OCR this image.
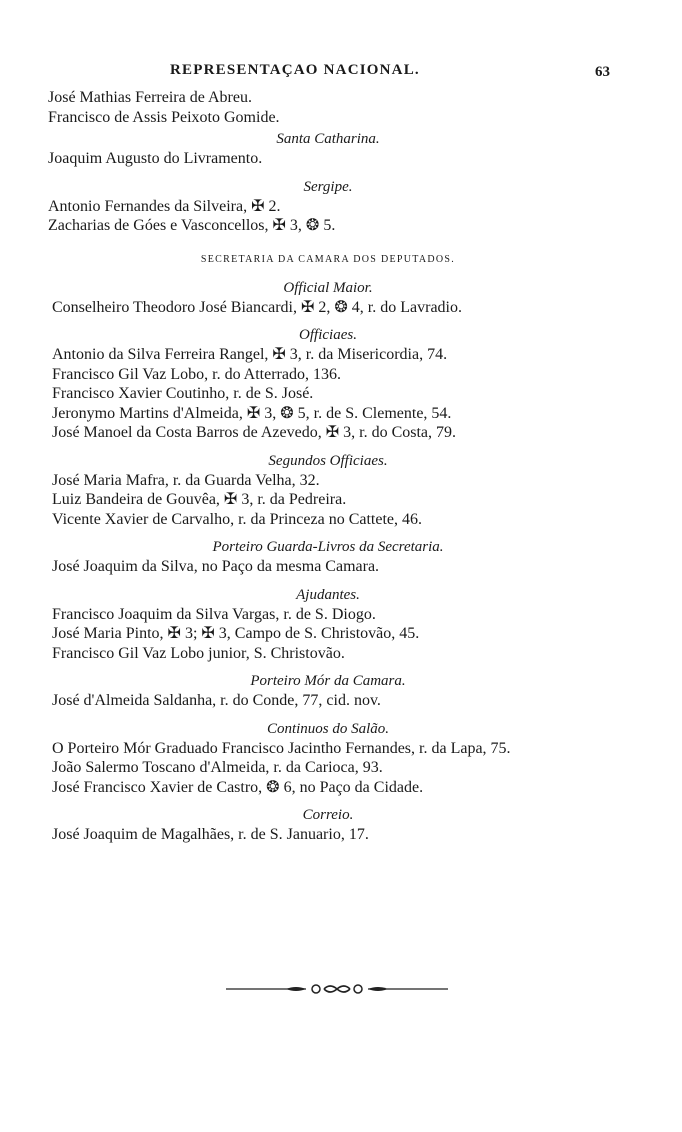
REPRESENTAÇAO NACIONAL.	63
José Mathias Ferreira de Abreu.
Francisco de Assis Peixoto Gomide.
Santa Catharina.
Joaquim Augusto do Livramento.
Sergipe.
Antonio Fernandes da Silveira, ✠ 2.
Zacharias de Góes e Vasconcellos, ✠ 3, ❂ 5.
SECRETARIA DA CAMARA DOS DEPUTADOS.
Official Maior.
Conselheiro Theodoro José Biancardi, ✠ 2, ❂ 4, r. do Lavradio.
Officiaes.
Antonio da Silva Ferreira Rangel, ✠ 3, r. da Misericordia, 74.
Francisco Gil Vaz Lobo, r. do Atterrado, 136.
Francisco Xavier Coutinho, r. de S. José.
Jeronymo Martins d'Almeida, ✠ 3, ❂ 5, r. de S. Clemente, 54.
José Manoel da Costa Barros de Azevedo, ✠ 3, r. do Costa, 79.
Segundos Officiaes.
José Maria Mafra, r. da Guarda Velha, 32.
Luiz Bandeira de Gouvêa, ✠ 3, r. da Pedreira.
Vicente Xavier de Carvalho, r. da Princeza no Cattete, 46.
Porteiro Guarda-Livros da Secretaria.
José Joaquim da Silva, no Paço da mesma Camara.
Ajudantes.
Francisco Joaquim da Silva Vargas, r. de S. Diogo.
José Maria Pinto, ✠ 3; ✠ 3, Campo de S. Christovão, 45.
Francisco Gil Vaz Lobo junior, S. Christovão.
Porteiro Mór da Camara.
José d'Almeida Saldanha, r. do Conde, 77, cid. nov.
Continuos do Salão.
O Porteiro Mór Graduado Francisco Jacintho Fernandes, r. da Lapa, 75.
João Salermo Toscano d'Almeida, r. da Carioca, 93.
José Francisco Xavier de Castro, ❂ 6, no Paço da Cidade.
Correio.
José Joaquim de Magalhães, r. de S. Januario, 17.
